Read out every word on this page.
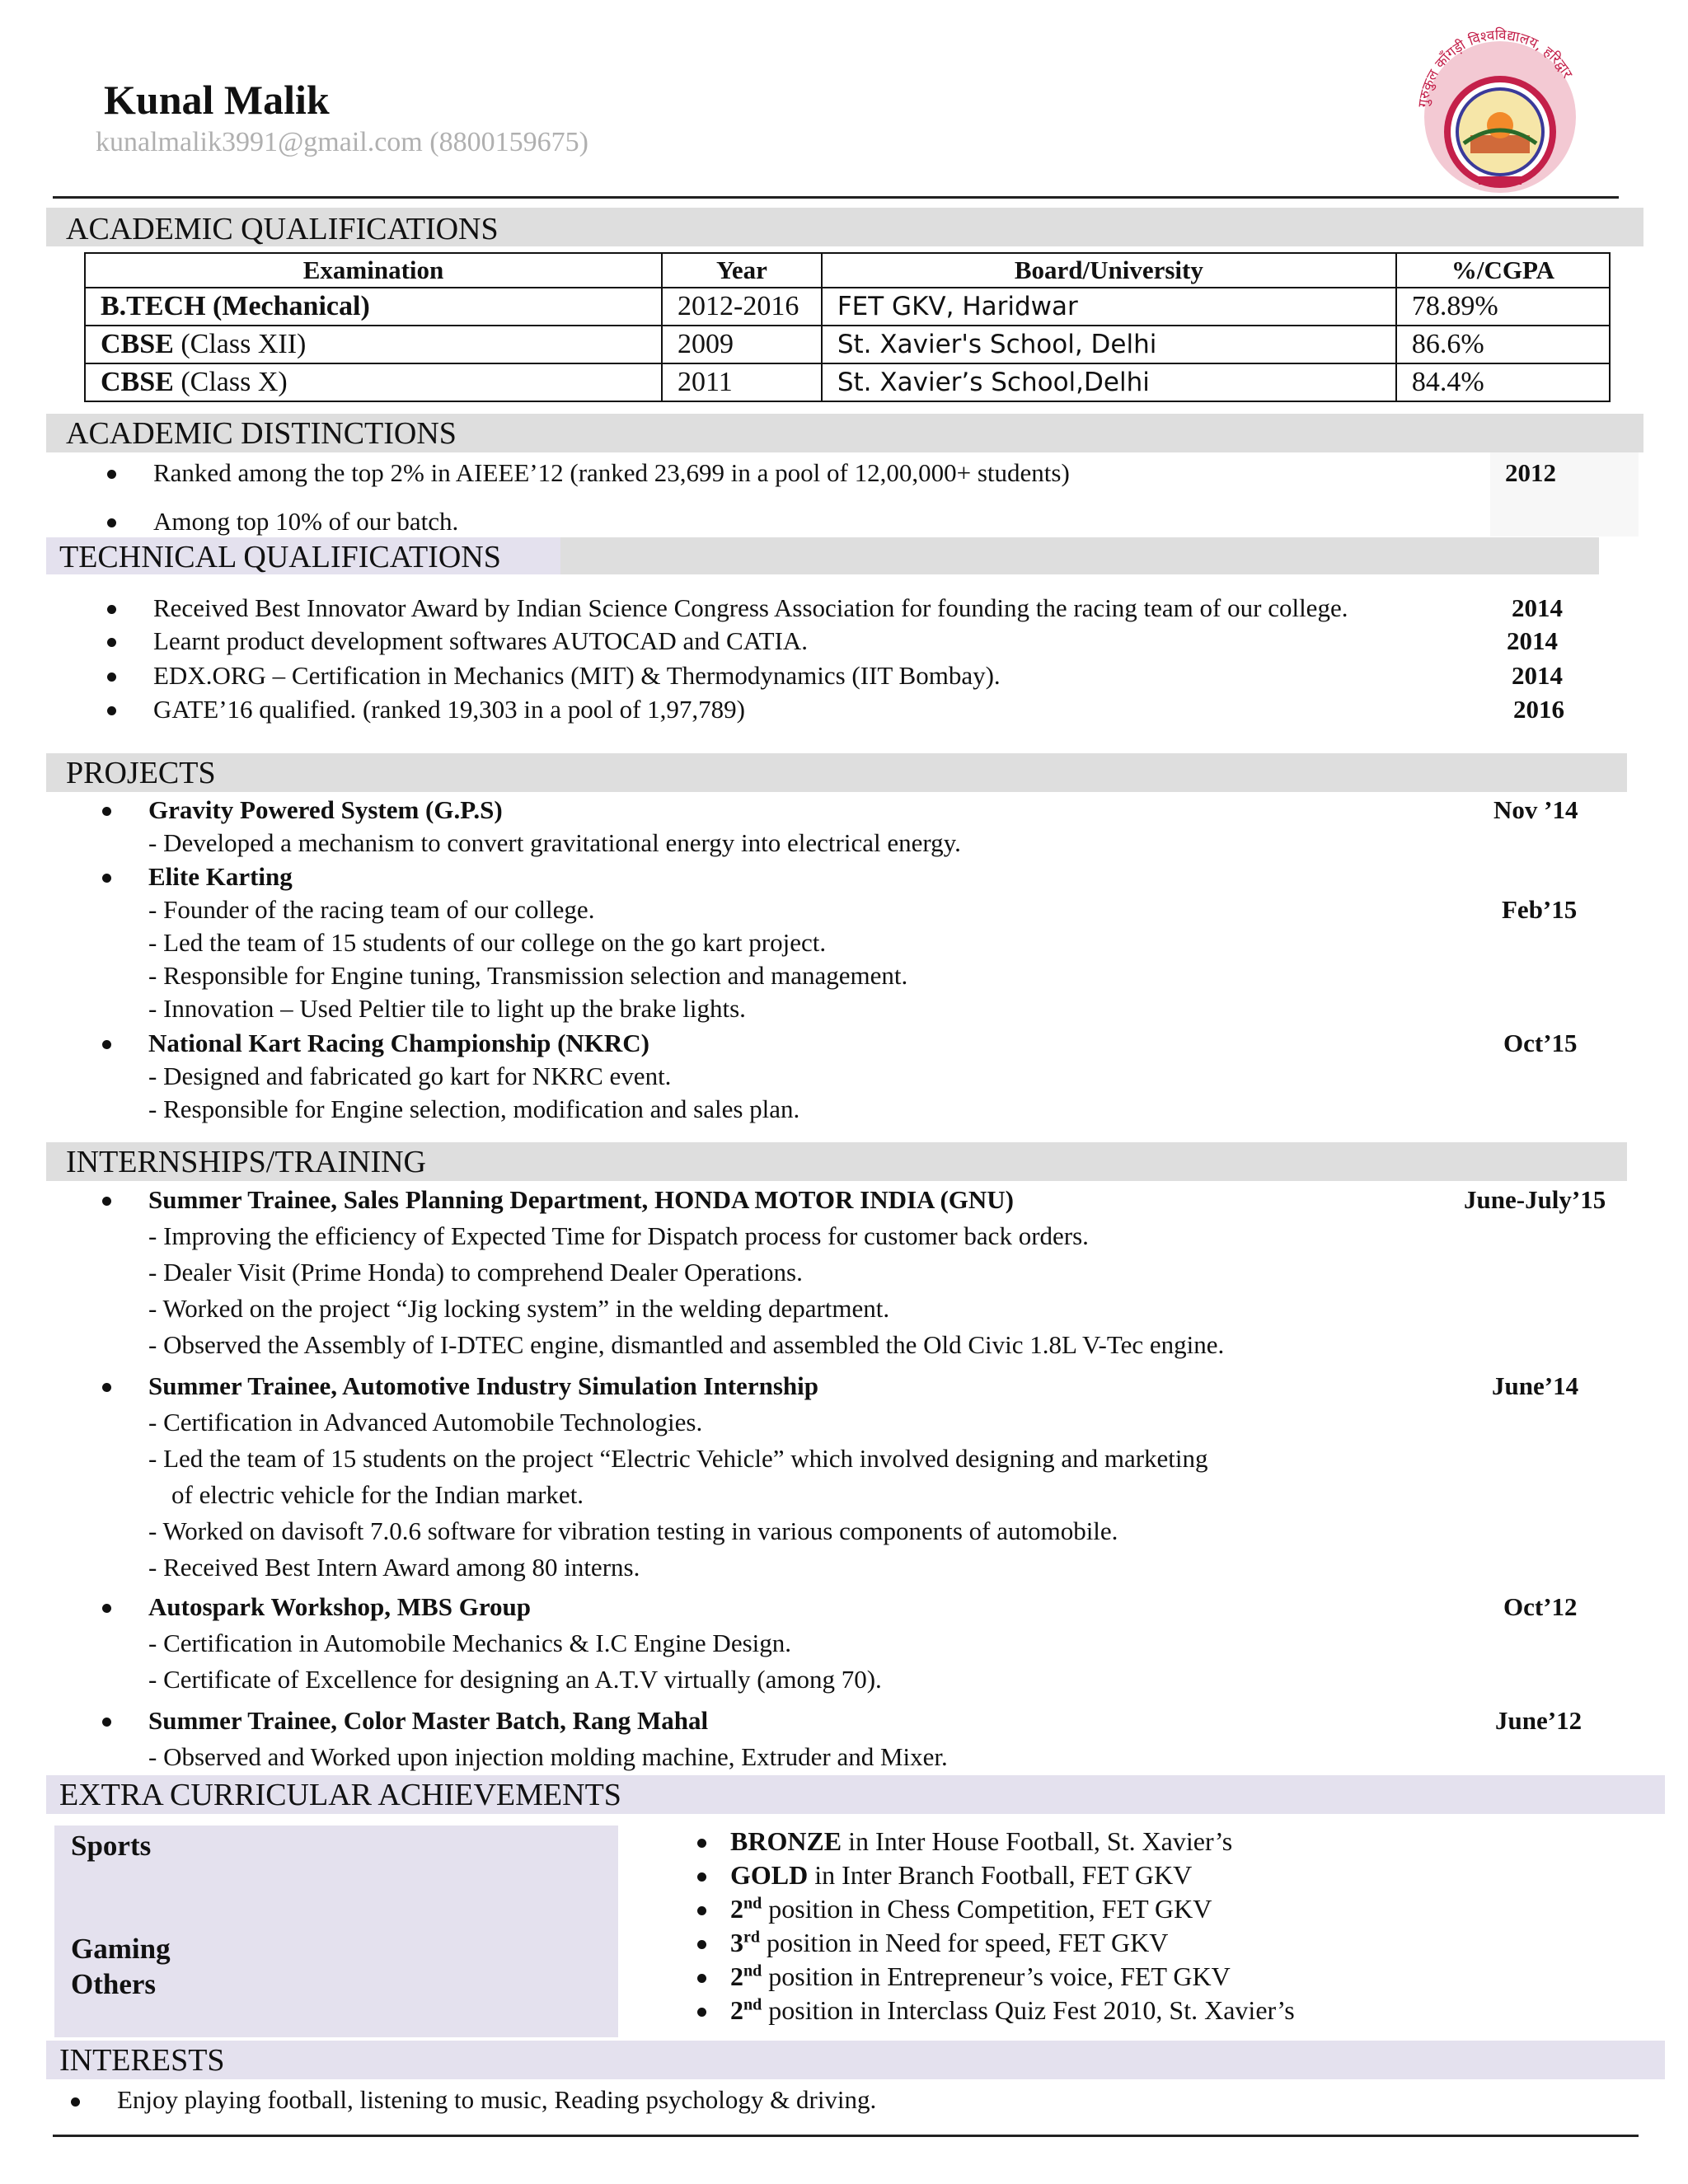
Kunal Malik
kunalmalik3991@gmail.com (8800159675)
गुरुकुल काँगड़ी विश्वविद्यालय, हरिद्वार
ACADEMIC QUALIFICATIONS
Examination	Year	Board/University	%/CGPA
B.TECH (Mechanical)	2012-2016	FET GKV, Haridwar	78.89%
CBSE (Class XII)	2009	St. Xavier's School, Delhi	86.6%
CBSE (Class X)	2011	St. Xavier’s School,Delhi	84.4%
ACADEMIC DISTINCTIONS
Ranked among the top 2% in AIEEE’12 (ranked 23,699 in a pool of 12,00,000+ students)	2012
Among top 10% of our batch.
TECHNICAL QUALIFICATIONS
Received Best Innovator Award by Indian Science Congress Association for founding the racing team of our college.	2014
Learnt product development softwares AUTOCAD and CATIA.	2014
EDX.ORG – Certification in Mechanics (MIT) & Thermodynamics (IIT Bombay).	2014
GATE’16 qualified. (ranked 19,303 in a pool of 1,97,789)	2016
PROJECTS
Gravity Powered System (G.P.S)	Nov ’14
- Developed a mechanism to convert gravitational energy into electrical energy.
Elite Karting
- Founder of the racing team of our college.	Feb’15
- Led the team of 15 students of our college on the go kart project.
- Responsible for Engine tuning, Transmission selection and management.
- Innovation – Used Peltier tile to light up the brake lights.
National Kart Racing Championship (NKRC)	Oct’15
- Designed and fabricated go kart for NKRC event.
- Responsible for Engine selection, modification and sales plan.
INTERNSHIPS/TRAINING
Summer Trainee, Sales Planning Department, HONDA MOTOR INDIA (GNU)	June-July’15
- Improving the efficiency of Expected Time for Dispatch process for customer back orders.
- Dealer Visit (Prime Honda) to comprehend Dealer Operations.
- Worked on the project “Jig locking system” in the welding department.
- Observed the Assembly of I-DTEC engine, dismantled and assembled the Old Civic 1.8L V-Tec engine.
Summer Trainee, Automotive Industry Simulation Internship	June’14
- Certification in Advanced Automobile Technologies.
- Led the team of 15 students on the project “Electric Vehicle” which involved designing and marketing
of electric vehicle for the Indian market.
- Worked on davisoft 7.0.6 software for vibration testing in various components of automobile.
- Received Best Intern Award among 80 interns.
Autospark Workshop, MBS Group	Oct’12
- Certification in Automobile Mechanics & I.C Engine Design.
- Certificate of Excellence for designing an A.T.V virtually (among 70).
Summer Trainee, Color Master Batch, Rang Mahal	June’12
- Observed and Worked upon injection molding machine, Extruder and Mixer.
EXTRA CURRICULAR ACHIEVEMENTS
Sports
Gaming
Others
BRONZE in Inter House Football, St. Xavier’s
GOLD in Inter Branch Football, FET GKV
2nd position in Chess Competition, FET GKV
3rd position in Need for speed, FET GKV
2nd position in Entrepreneur’s voice, FET GKV
2nd position in Interclass Quiz Fest 2010, St. Xavier’s
INTERESTS
Enjoy playing football, listening to music, Reading psychology & driving.
